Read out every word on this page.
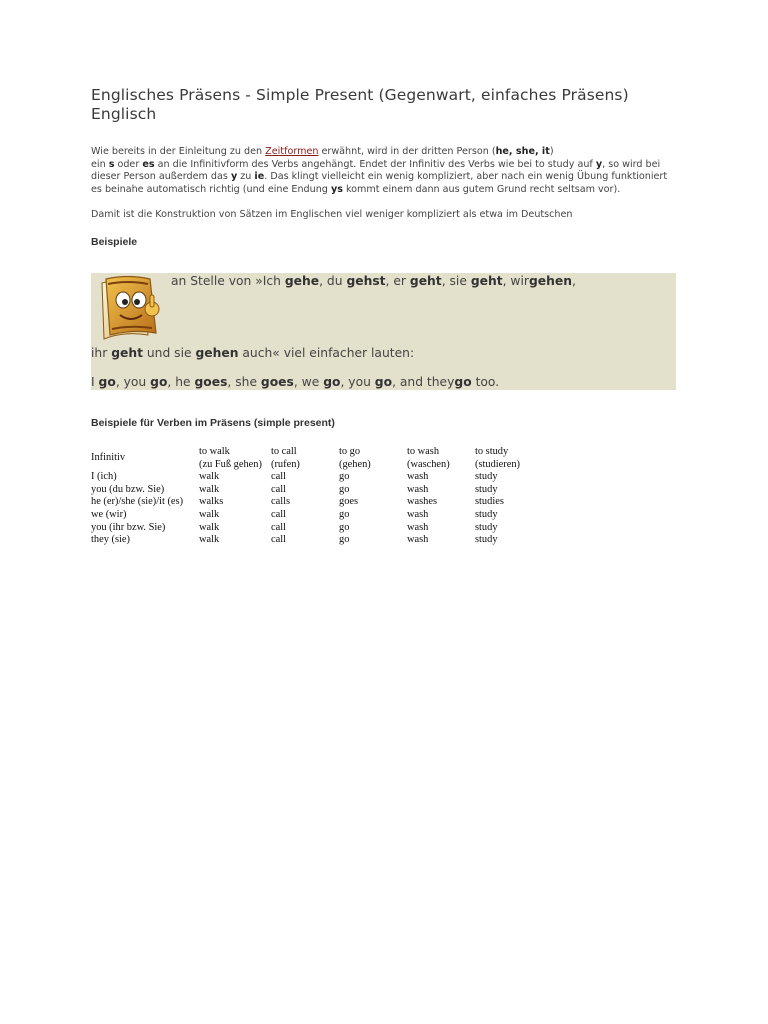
Englisches Präsens - Simple Present (Gegenwart, einfaches Präsens)
Englisch
Wie bereits in der Einleitung zu den Zeitformen erwähnt, wird in der dritten Person (he, she, it)
ein s oder es an die Infinitivform des Verbs angehängt. Endet der Infinitiv des Verbs wie bei to study auf y, so wird bei dieser Person außerdem das y zu ie. Das klingt vielleicht ein wenig kompliziert, aber nach ein wenig Übung funktioniert es beinahe automatisch richtig (und eine Endung ys kommt einem dann aus gutem Grund recht seltsam vor).
Damit ist die Konstruktion von Sätzen im Englischen viel weniger kompliziert als etwa im Deutschen
Beispiele
an Stelle von »Ich gehe, du gehst, er geht, sie geht, wirgehen,
ihr geht und sie gehen auch« viel einfacher lauten:
I go, you go, he goes, she goes, we go, you go, and theygo too.
Beispiele für Verben im Präsens (simple present)
Infinitiv	to walk	to call	to go	to wash	to study
	(zu Fuß gehen)	(rufen)	(gehen)	(waschen)	(studieren)
I (ich)	walk	call	go	wash	study
you (du bzw. Sie)	walk	call	go	wash	study
he (er)/she (sie)/it (es)	walks	calls	goes	washes	studies
we (wir)	walk	call	go	wash	study
you (ihr bzw. Sie)	walk	call	go	wash	study
they (sie)	walk	call	go	wash	study
